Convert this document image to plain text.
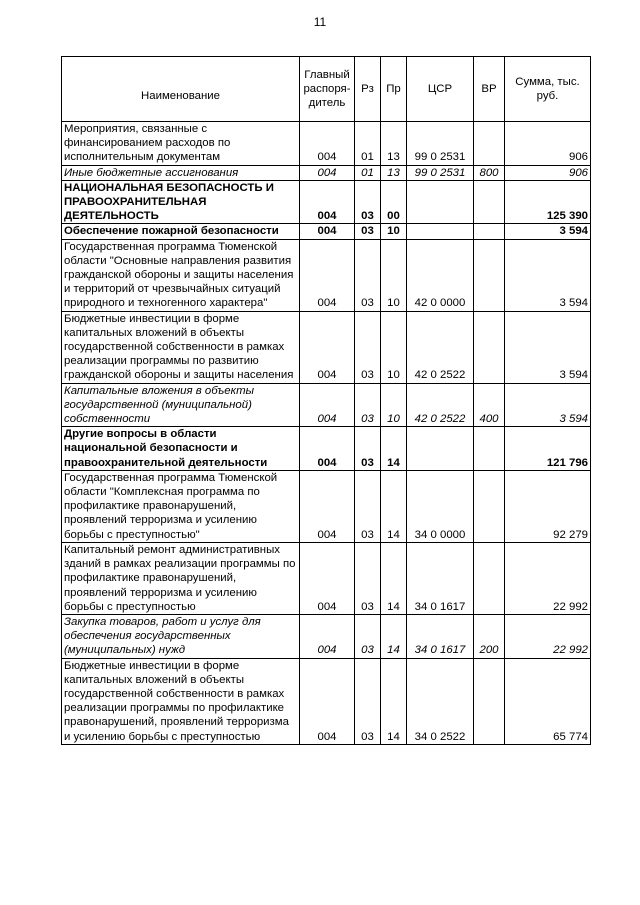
11
Наименование	Главный распоря-дитель	Рз	Пр	ЦСР	ВР	Сумма, тыс. руб.
Мероприятия, связанные с финансированием расходов по исполнительным документам	004	01	13	99 0 2531		906
Иные бюджетные ассигнования	004	01	13	99 0 2531	800	906
НАЦИОНАЛЬНАЯ БЕЗОПАСНОСТЬ И ПРАВООХРАНИТЕЛЬНАЯ ДЕЯТЕЛЬНОСТЬ	004	03	00			125 390
Обеспечение пожарной безопасности	004	03	10			3 594
Государственная программа Тюменской области "Основные направления развития гражданской обороны и защиты населения и территорий от чрезвычайных ситуаций природного и техногенного характера"	004	03	10	42 0 0000		3 594
Бюджетные инвестиции в форме капитальных вложений в объекты государственной собственности в рамках реализации программы по развитию гражданской обороны и защиты населения	004	03	10	42 0 2522		3 594
Капитальные вложения в объекты государственной (муниципальной) собственности	004	03	10	42 0 2522	400	3 594
Другие вопросы в области национальной безопасности и правоохранительной деятельности	004	03	14			121 796
Государственная программа Тюменской области "Комплексная программа по профилактике правонарушений, проявлений терроризма и усилению борьбы с преступностью"	004	03	14	34 0 0000		92 279
Капитальный ремонт административных зданий в рамках реализации программы по профилактике правонарушений, проявлений терроризма и усилению борьбы с преступностью	004	03	14	34 0 1617		22 992
Закупка товаров, работ и услуг для обеспечения государственных (муниципальных) нужд	004	03	14	34 0 1617	200	22 992
Бюджетные инвестиции в форме капитальных вложений в объекты государственной собственности в рамках реализации программы по профилактике правонарушений, проявлений терроризма и усилению борьбы с преступностью	004	03	14	34 0 2522		65 774
